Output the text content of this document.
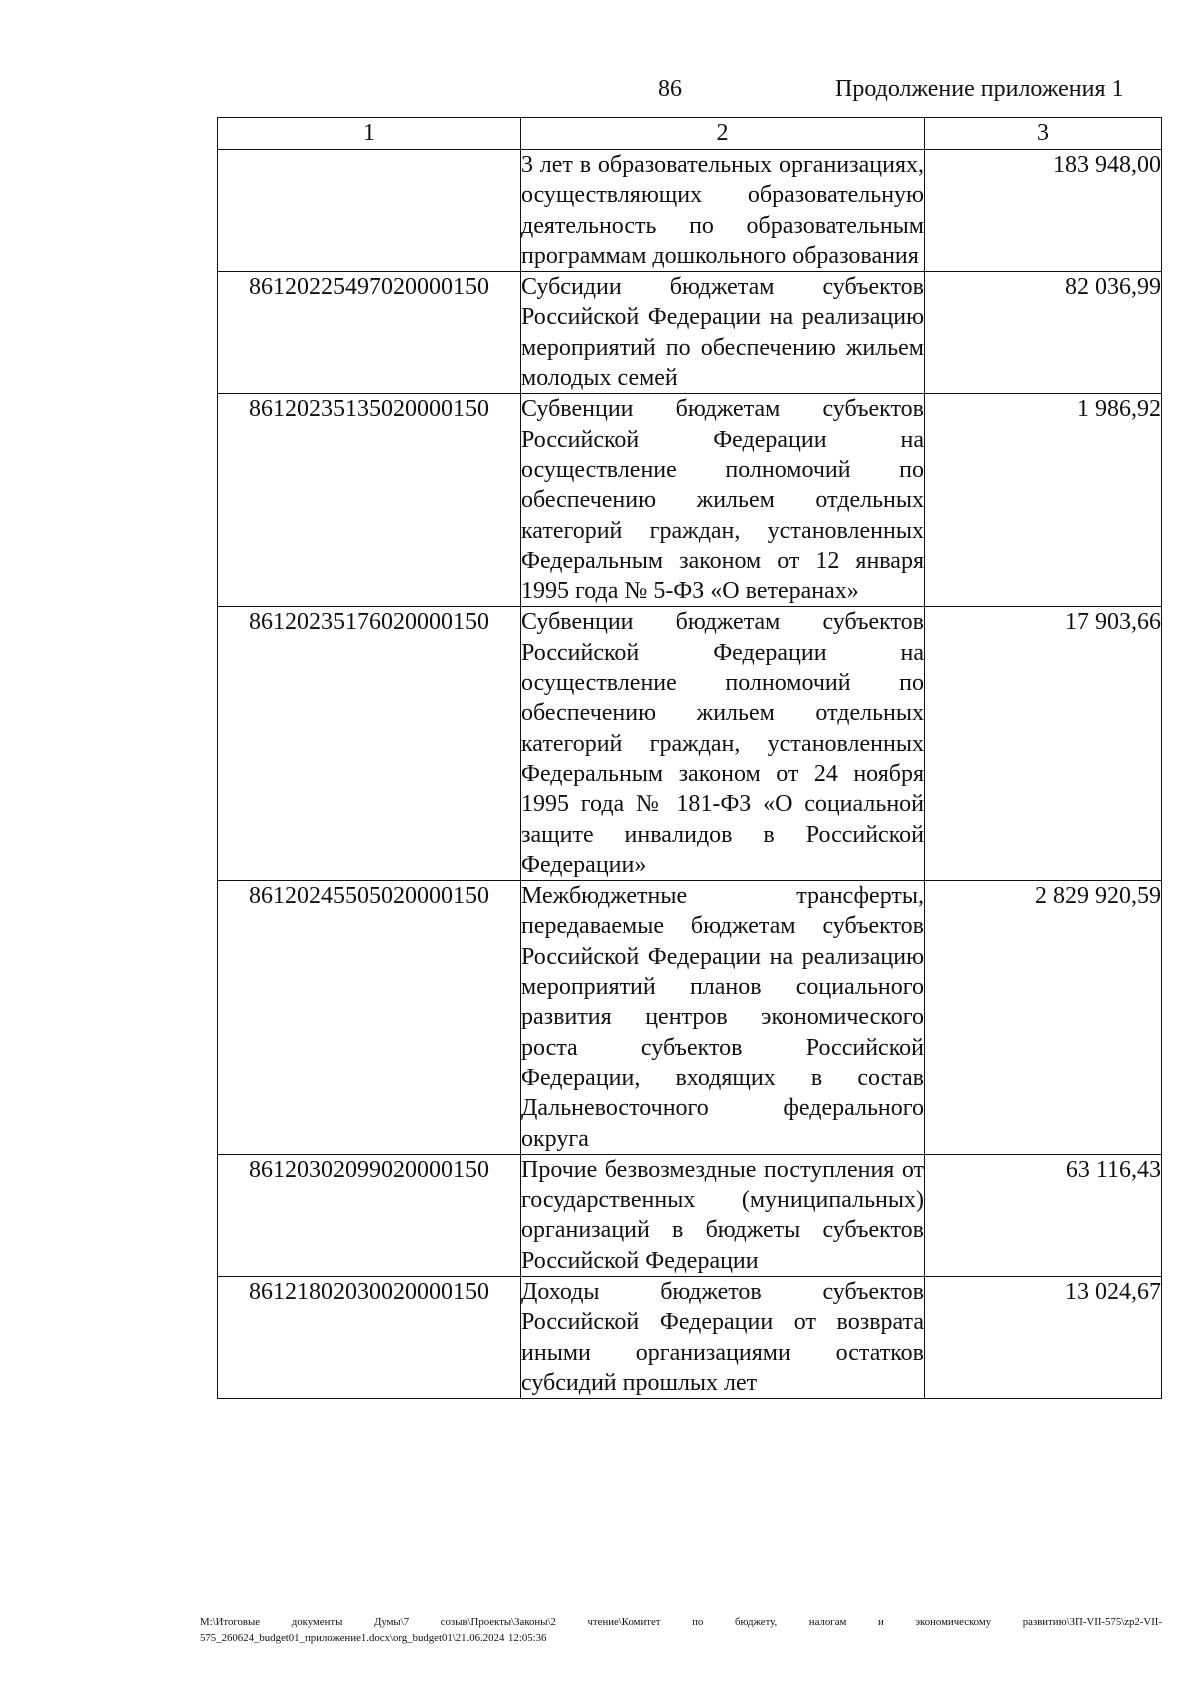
86	Продолжение приложения 1
1	2	3
	3 лет в образовательных организациях, осуществляющих образовательную деятельность по образовательным программам дошкольного образования	183 948,00
86120225497020000150	Субсидии бюджетам субъектов Российской Федерации на реализацию мероприятий по обеспечению жильем молодых семей	82 036,99
86120235135020000150	Субвенции бюджетам субъектов Российской Федерации на осуществление полномочий по обеспечению жильем отдельных категорий граждан, установленных Федеральным законом от 12 января 1995 года № 5-ФЗ «О ветеранах»	1 986,92
86120235176020000150	Субвенции бюджетам субъектов Российской Федерации на осуществление полномочий по обеспечению жильем отдельных категорий граждан, установленных Федеральным законом от 24 ноября 1995 года № 181-ФЗ «О социальной защите инвалидов в Российской Федерации»	17 903,66
86120245505020000150	Межбюджетные трансферты, передаваемые бюджетам субъектов Российской Федерации на реализацию мероприятий планов социального развития центров экономического роста субъектов Российской Федерации, входящих в состав Дальневосточного федерального округа	2 829 920,59
86120302099020000150	Прочие безвозмездные поступления от государственных (муниципальных) организаций в бюджеты субъектов Российской Федерации	63 116,43
86121802030020000150	Доходы бюджетов субъектов Российской Федерации от возврата иными организациями остатков субсидий прошлых лет	13 024,67
М:\Итоговые документы Думы\7 созыв\Проекты\Законы\2 чтение\Комитет по бюджету, налогам и экономическому развитию\ЗП-VII-575\zp2-VII-575_260624_budget01_приложение1.docx\org_budget01\21.06.2024 12:05:36
